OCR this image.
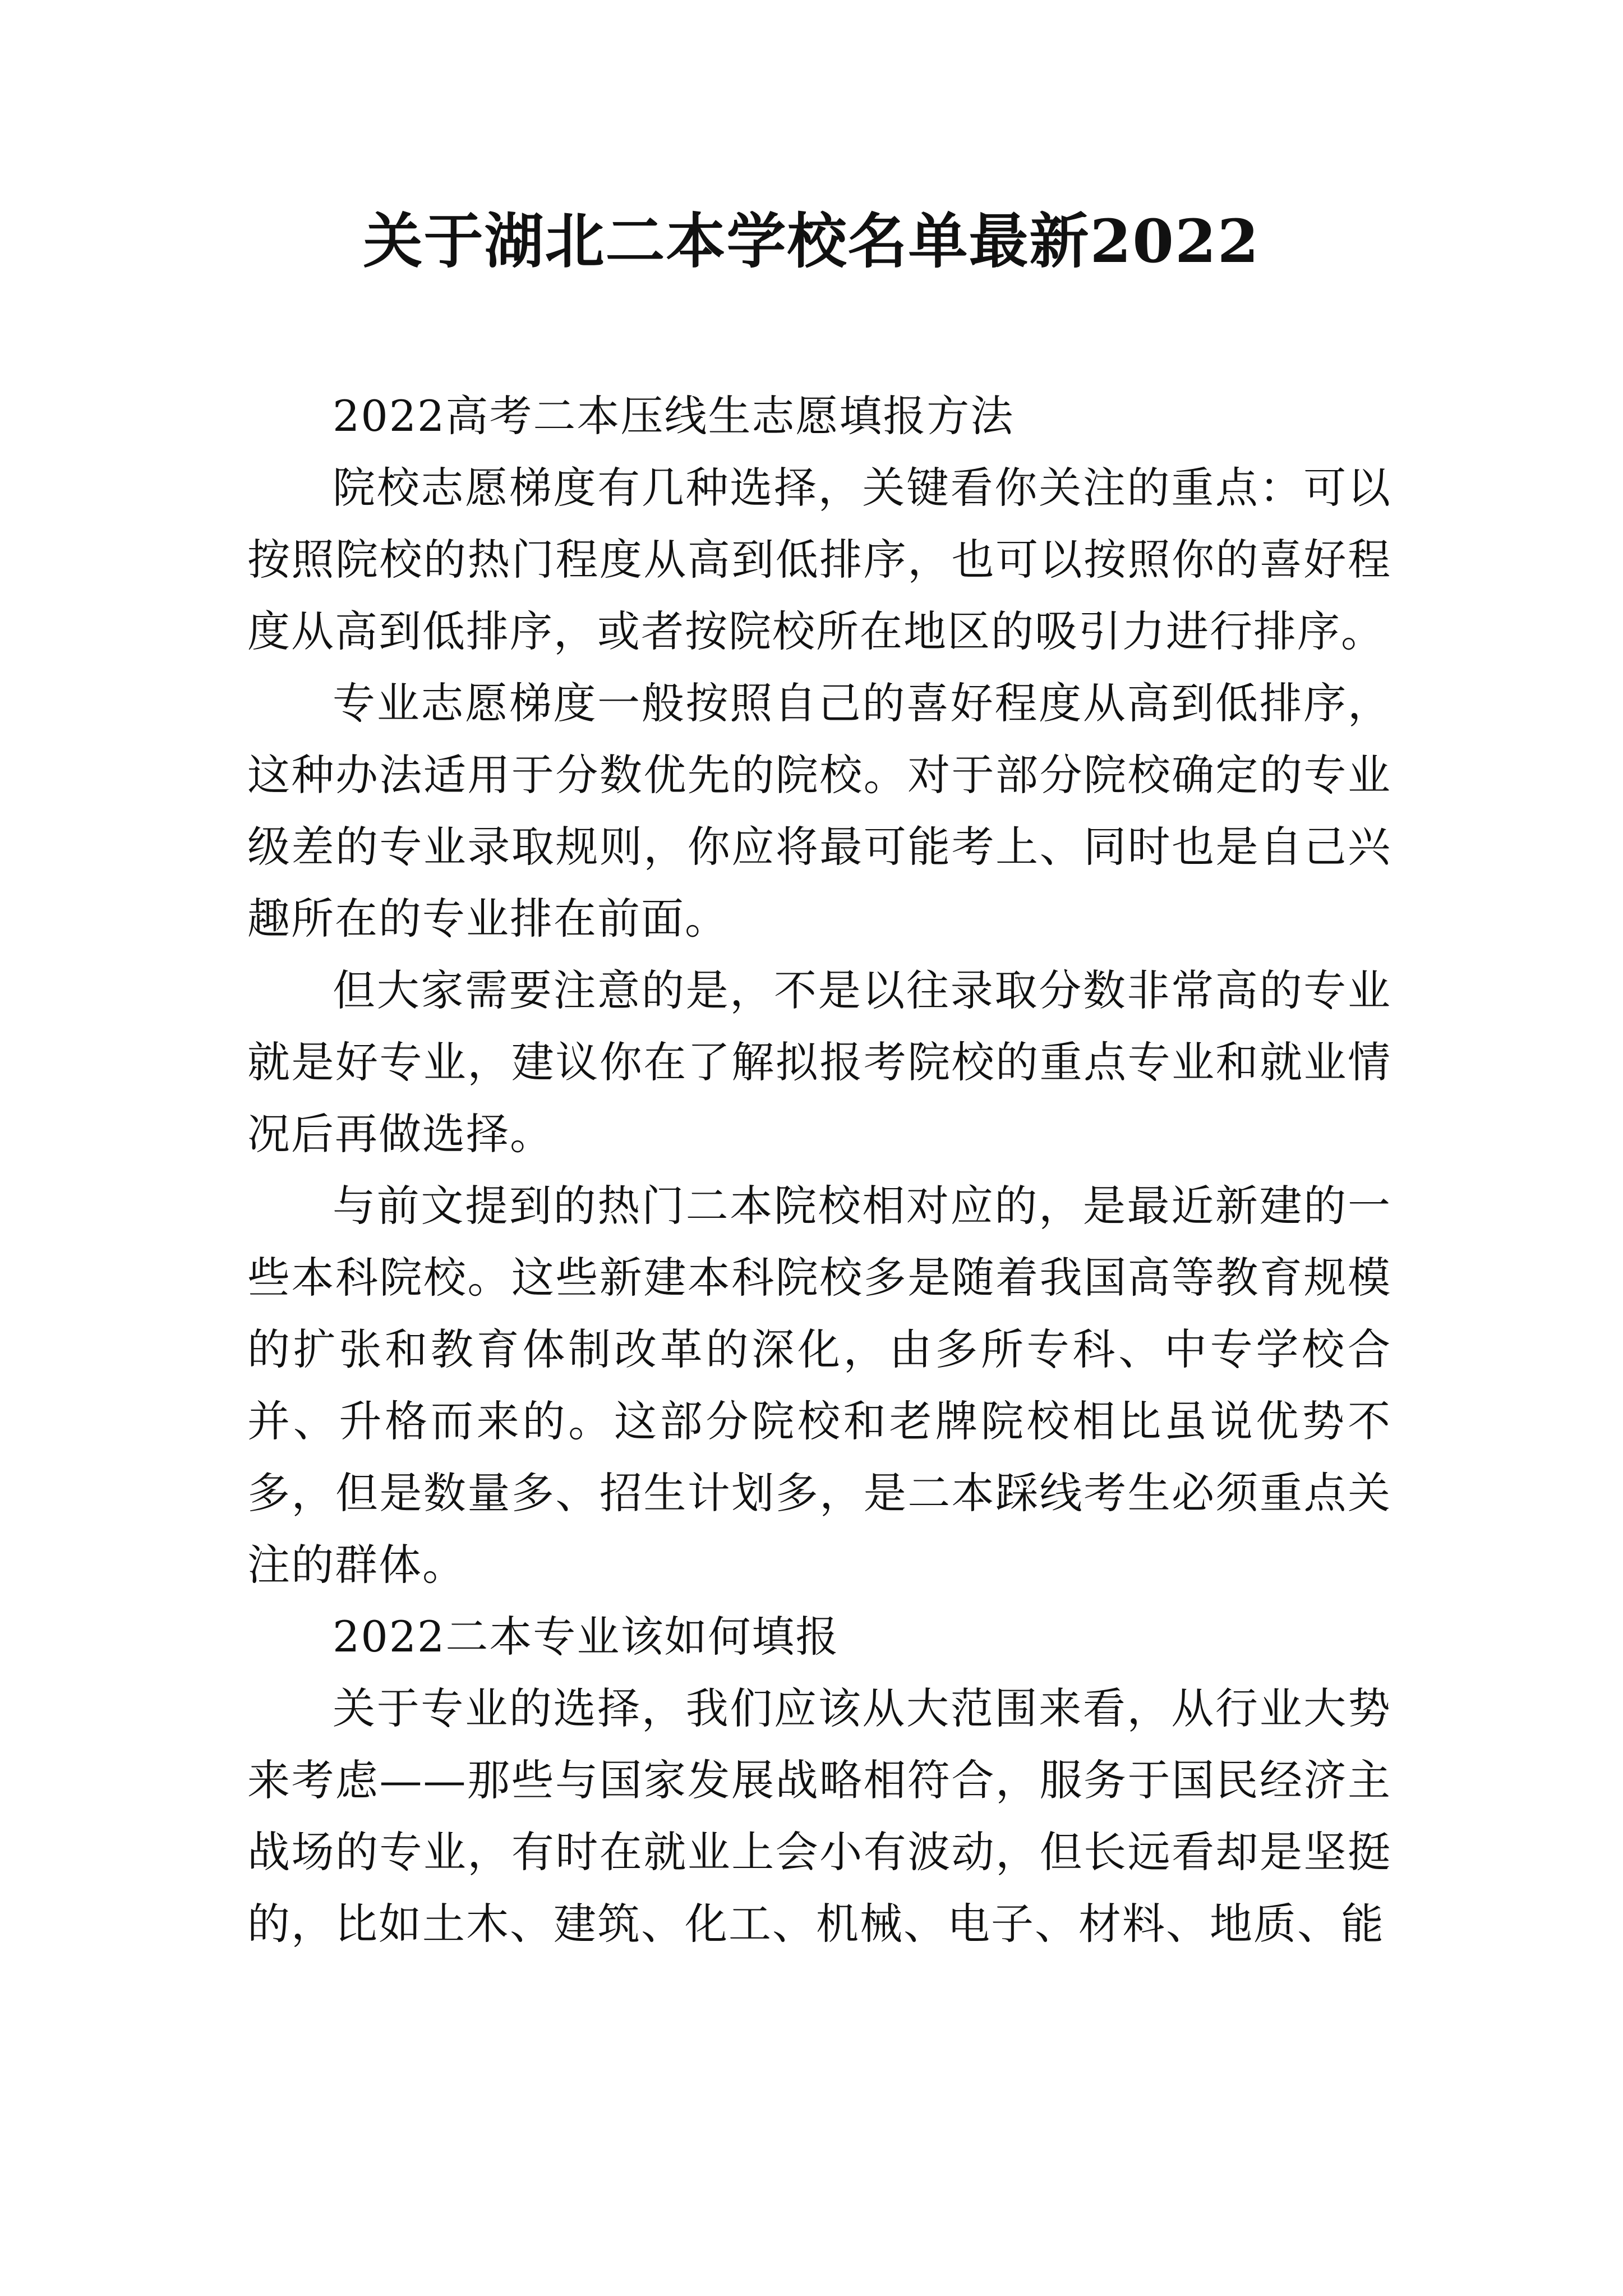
关于湖北二本学校名单最新2022

2022高考二本压线生志愿填报方法

院校志愿梯度有几种选择，关键看你关注的重点：可以按照院校的热门程度从高到低排序，也可以按照你的喜好程度从高到低排序，或者按院校所在地区的吸引力进行排序。

专业志愿梯度一般按照自己的喜好程度从高到低排序，这种办法适用于分数优先的院校。对于部分院校确定的专业级差的专业录取规则，你应将最可能考上、同时也是自己兴趣所在的专业排在前面。

但大家需要注意的是，不是以往录取分数非常高的专业就是好专业，建议你在了解拟报考院校的重点专业和就业情况后再做选择。

与前文提到的热门二本院校相对应的，是最近新建的一些本科院校。这些新建本科院校多是随着我国高等教育规模的扩张和教育体制改革的深化，由多所专科、中专学校合并、升格而来的。这部分院校和老牌院校相比虽说优势不多，但是数量多、招生计划多，是二本踩线考生必须重点关注的群体。

2022二本专业该如何填报

关于专业的选择，我们应该从大范围来看，从行业大势来考虑——那些与国家发展战略相符合，服务于国民经济主战场的专业，有时在就业上会小有波动，但长远看却是坚挺的，比如土木、建筑、化工、机械、电子、材料、地质、能
